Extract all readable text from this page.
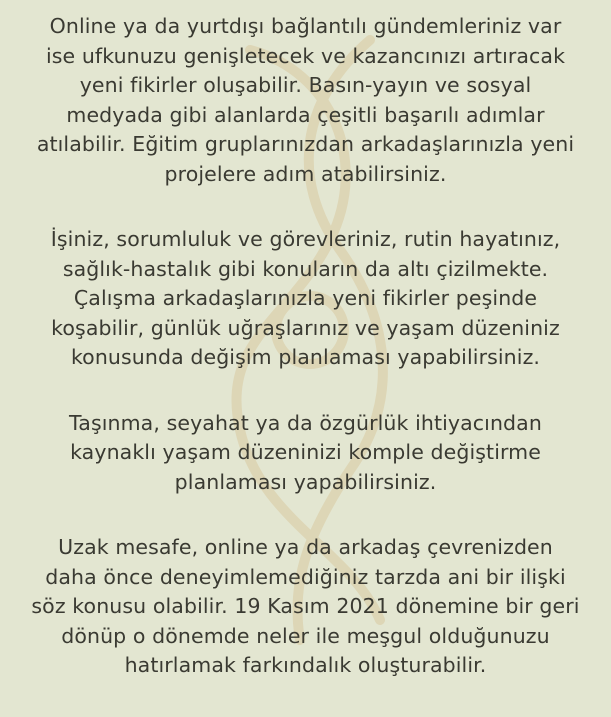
Online ya da yurtdışı bağlantılı gündemleriniz var
ise ufkunuzu genişletecek ve kazancınızı artıracak
yeni fikirler oluşabilir. Basın-yayın ve sosyal
medyada gibi alanlarda çeşitli başarılı adımlar
atılabilir. Eğitim gruplarınızdan arkadaşlarınızla yeni
projelere adım atabilirsiniz.

İşiniz, sorumluluk ve görevleriniz, rutin hayatınız,
sağlık-hastalık gibi konuların da altı çizilmekte.
Çalışma arkadaşlarınızla yeni fikirler peşinde
koşabilir, günlük uğraşlarınız ve yaşam düzeniniz
konusunda değişim planlaması yapabilirsiniz.

Taşınma, seyahat ya da özgürlük ihtiyacından
kaynaklı yaşam düzeninizi komple değiştirme
planlaması yapabilirsiniz.

Uzak mesafe, online ya da arkadaş çevrenizden
daha önce deneyimlemediğiniz tarzda ani bir ilişki
söz konusu olabilir. 19 Kasım 2021 dönemine bir geri
dönüp o dönemde neler ile meşgul olduğunuzu
hatırlamak farkındalık oluşturabilir.
